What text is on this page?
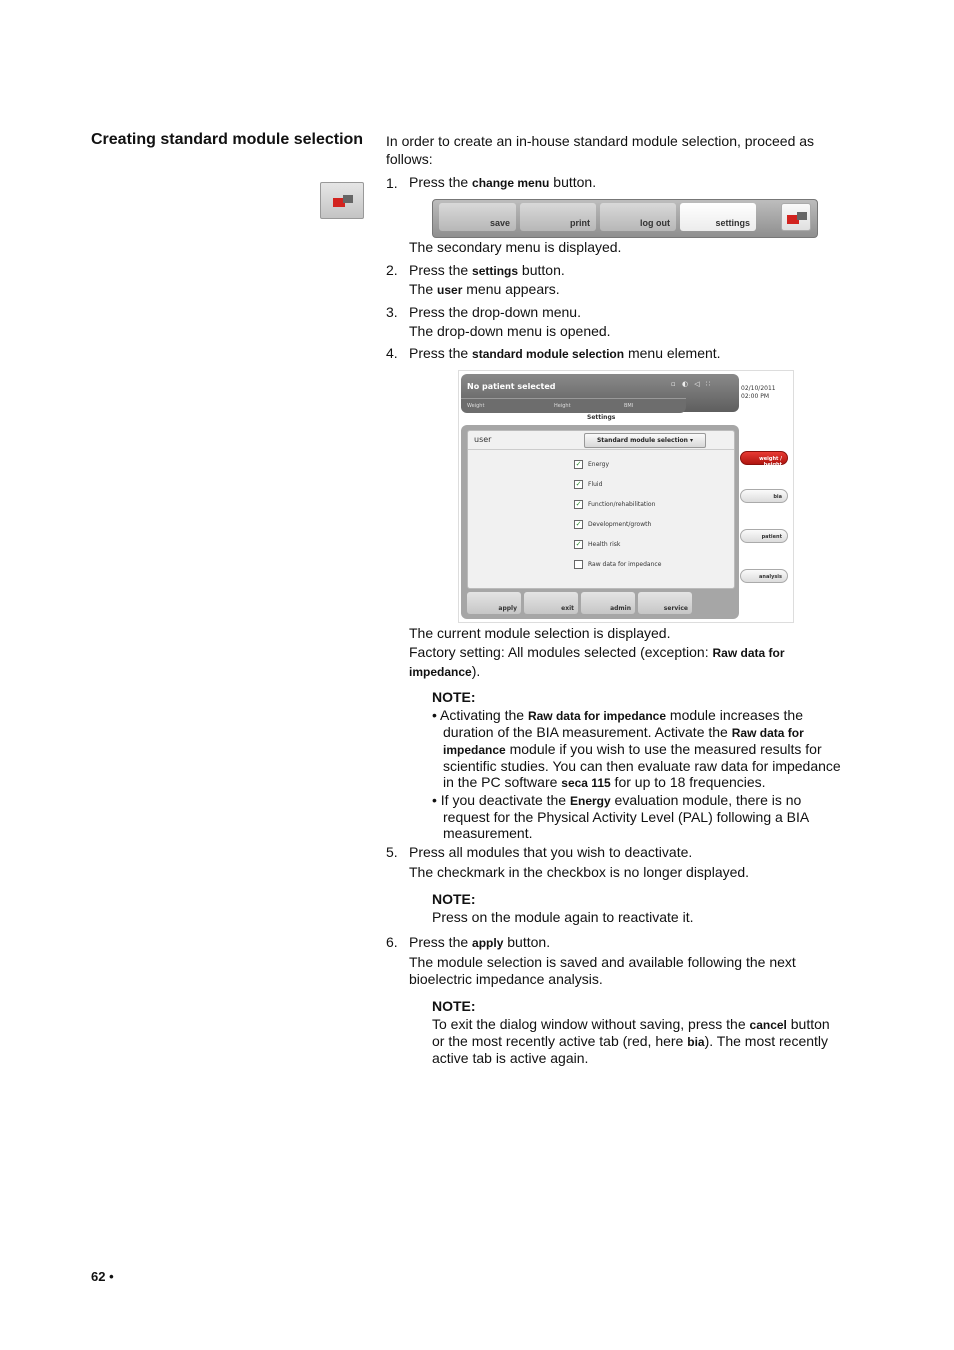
Creating standard module selection In order to create an in-house standard module selection, proceed as
follows:
1. Press the change menu button.
save	print	log out	settings
The secondary menu is displayed.
2. Press the settings button.
The user menu appears.
3. Press the drop-down menu.
The drop-down menu is opened.
4. Press the standard module selection menu element.
No patient selected	▫ ◐ ◁ ∷
Weight	Height	BMI
02/10/2011
02:00 PM
Settings
user	Standard module selection ▾
✓ Energy
✓ Fluid
✓ Function/rehabilitation
✓ Development/growth
✓ Health risk
Raw data for impedance
apply	exit	admin	service
weight / height
bia
patient
analysis
The current module selection is displayed.
Factory setting: All modules selected (exception: Raw data for
impedance).
NOTE:
• Activating the Raw data for impedance module increases the
duration of the BIA measurement. Activate the Raw data for
impedance module if you wish to use the measured results for
scientific studies. You can then evaluate raw data for impedance
in the PC software seca 115 for up to 18 frequencies.
• If you deactivate the Energy evaluation module, there is no
request for the Physical Activity Level (PAL) following a BIA
measurement.
5. Press all modules that you wish to deactivate.
The checkmark in the checkbox is no longer displayed.
NOTE:
Press on the module again to reactivate it.
6. Press the apply button.
The module selection is saved and available following the next
bioelectric impedance analysis.
NOTE:
To exit the dialog window without saving, press the cancel button
or the most recently active tab (red, here bia). The most recently
active tab is active again.
62 •
